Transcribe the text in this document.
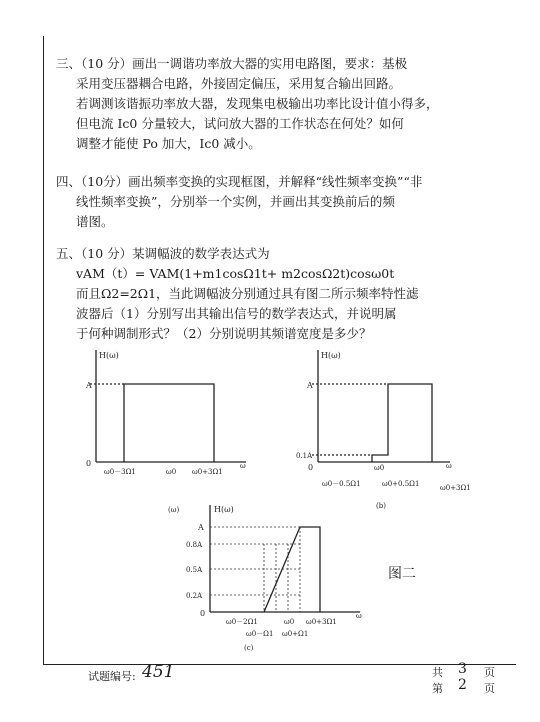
三、（10 分）画出一调谐功率放大器的实用电路图，要求：基极
采用变压器耦合电路，外接固定偏压，采用复合输出回路。
若调测该谐振功率放大器，发现集电极输出功率比设计值小得多，
但电流 Ic0 分量较大，试问放大器的工作状态在何处？如何
调整才能使 Po 加大，Ic0 减小。
四、（10分）画出频率变换的实现框图，并解释“线性频率变换”“非
线性频率变换”，分别举一个实例，并画出其变换前后的频
谱图。
五、（10 分）某调幅波的数学表达式为
vAM（t）= VAM(1+m1cosΩ1t+ m2cosΩ2t)cosω0t
而且Ω2=2Ω1，当此调幅波分别通过具有图二所示频率特性滤
波器后（1）分别写出其输出信号的数学表达式，并说明属
于何种调制形式？（2）分别说明其频谱宽度是多少？
H(ω)
A
0
ω0－3Ω1	ω0 ω0+3Ω1
ω
H(ω)
A
0.1A
0
ω0－0.5Ω1
ω0
ω0+0.5Ω1	ω0+3Ω1
ω
(b)
H(ω)
(ω)
A
0.8A
0.5A
0.2A
0
ω0－2Ω1
ω0－Ω1
ω0
ω0+Ω1
ω0+3Ω1
ω
(c)
图二
试题编号: 451	共 3 页
第 2 页
